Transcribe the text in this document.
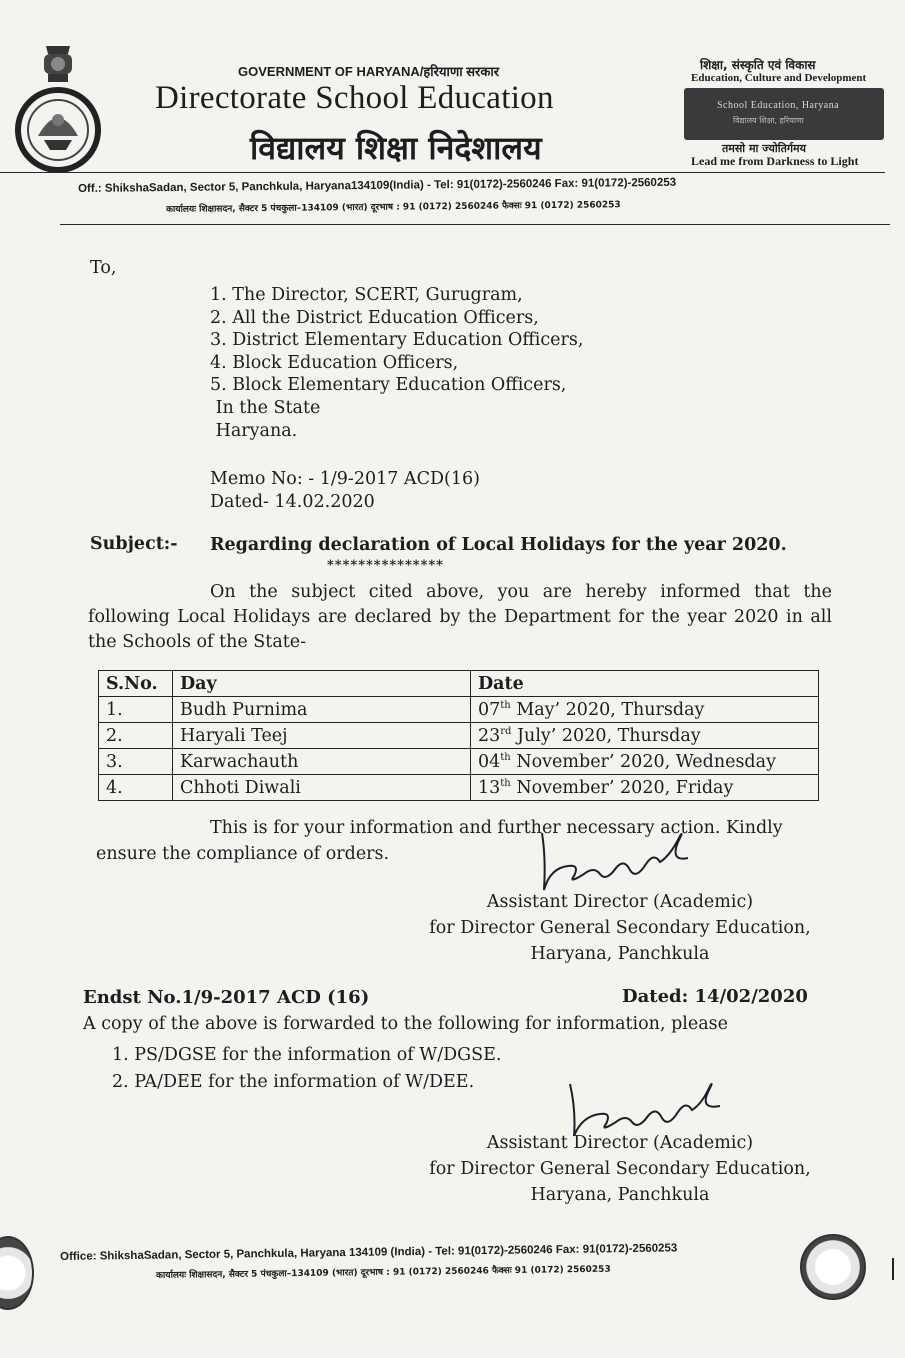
GOVERNMENT OF HARYANA/हरियाणा सरकार
Directorate School Education
विद्यालय शिक्षा निदेशालय
शिक्षा, संस्कृति एवं विकास
Education, Culture and Development
School Education, Haryana
विद्यालय शिक्षा, हरियाणा
तमसो मा ज्योतिर्गमय
Lead me from Darkness to Light
Off.: ShikshaSadan, Sector 5, Panchkula, Haryana134109(India) - Tel: 91(0172)-2560246 Fax: 91(0172)-2560253
कार्यालयः शिक्षासदन, सैक्टर 5 पंचकुला–134109 (भारत) दूरभाष : 91 (0172) 2560246 फैक्सः 91 (0172) 2560253
To,
1. The Director, SCERT, Gurugram,
2. All the District Education Officers,
3. District Elementary Education Officers,
4. Block Education Officers,
5. Block Elementary Education Officers,
In the State
Haryana.
Memo No: - 1/9-2017 ACD(16)
Dated- 14.02.2020
Subject:- Regarding declaration of Local Holidays for the year 2020.
***************
On the subject cited above, you are hereby informed that the following Local Holidays are declared by the Department for the year 2020 in all the Schools of the State-
S.No.	Day	Date
1.	Budh Purnima	07th May’ 2020, Thursday
2.	Haryali Teej	23rd July’ 2020, Thursday
3.	Karwachauth	04th November’ 2020, Wednesday
4.	Chhoti Diwali	13th November’ 2020, Friday
This is for your information and further necessary action. Kindly ensure the compliance of orders.
Assistant Director (Academic)
for Director General Secondary Education,
Haryana, Panchkula
Endst No.1/9-2017 ACD (16)	Dated: 14/02/2020
A copy of the above is forwarded to the following for information, please
1. PS/DGSE for the information of W/DGSE.
2. PA/DEE for the information of W/DEE.
Assistant Director (Academic)
for Director General Secondary Education,
Haryana, Panchkula
Office: ShikshaSadan, Sector 5, Panchkula, Haryana 134109 (India) - Tel: 91(0172)-2560246 Fax: 91(0172)-2560253
कार्यालयः शिक्षासदन, सैक्टर 5 पंचकुला–134109 (भारत) दूरभाष : 91 (0172) 2560246 फैक्सः 91 (0172) 2560253
